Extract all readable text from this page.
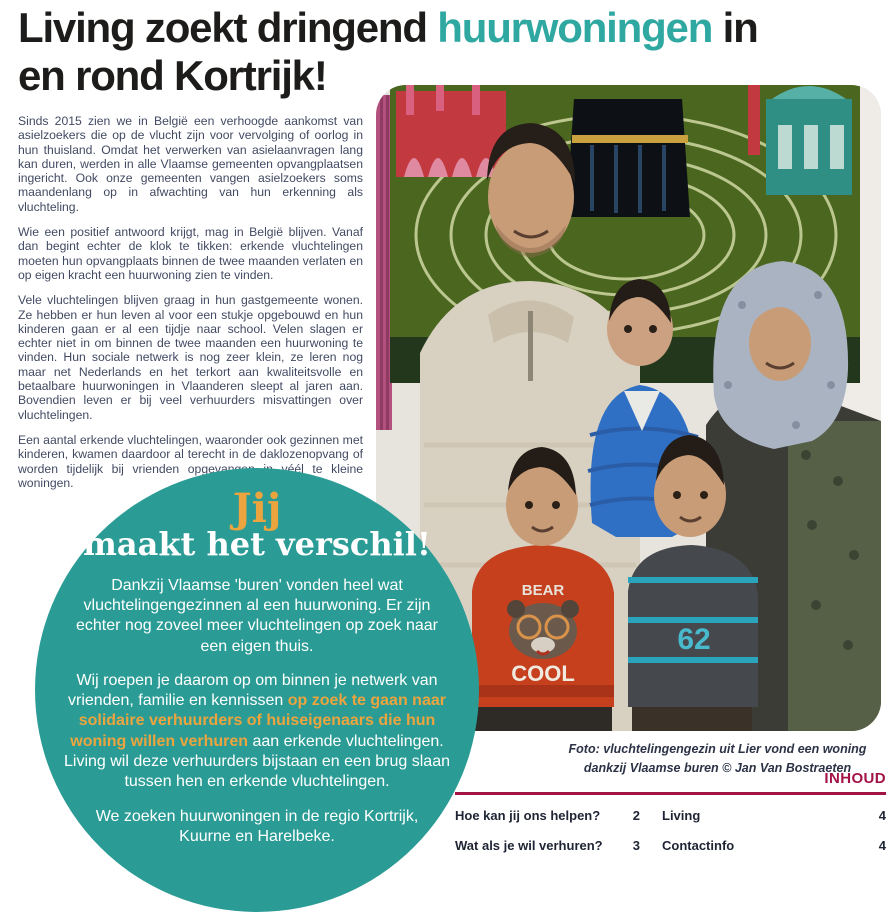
Living zoekt dringend huurwoningen in
en rond Kortrijk!

Sinds 2015 zien we in België een verhoogde aankomst van asielzoekers die op de vlucht zijn voor vervolging of oorlog in hun thuisland. Omdat het verwerken van asielaanvragen lang kan duren, werden in alle Vlaamse gemeenten opvangplaatsen ingericht. Ook onze gemeenten vangen asielzoekers soms maandenlang op in afwachting van hun erkenning als vluchteling.

Wie een positief antwoord krijgt, mag in België blijven. Vanaf dan begint echter de klok te tikken: erkende vluchtelingen moeten hun opvangplaats binnen de twee maanden verlaten en op eigen kracht een huurwoning zien te vinden.

Vele vluchtelingen blijven graag in hun gastgemeente wonen. Ze hebben er hun leven al voor een stukje opgebouwd en hun kinderen gaan er al een tijdje naar school. Velen slagen er echter niet in om binnen de twee maanden een huurwoning te vinden. Hun sociale netwerk is nog zeer klein, ze leren nog maar net Nederlands en het terkort aan kwaliteitsvolle en betaalbare huurwoningen in Vlaanderen sleept al jaren aan. Bovendien leven er bij veel verhuurders misvattingen over vluchtelingen.

Een aantal erkende vluchtelingen, waaronder ook gezinnen met kinderen, kwamen daardoor al terecht in de daklozenopvang of worden tijdelijk bij vrienden opgevangen in véél te kleine woningen.

BEAR
COOL
62
Jij
maakt het verschil!

Dankzij Vlaamse 'buren' vonden heel wat vluchtelingengezinnen al een huurwoning. Er zijn echter nog zoveel meer vluchtelingen op zoek naar een eigen thuis.

Wij roepen je daarom op om binnen je netwerk van vrienden, familie en kennissen op zoek te gaan naar solidaire verhuurders of huiseigenaars die hun woning willen verhuren aan erkende vluchtelingen. Living wil deze verhuurders bijstaan en een brug slaan tussen hen en erkende vluchtelingen.

We zoeken huurwoningen in de regio Kortrijk, Kuurne en Harelbeke.

Foto: vluchtelingengezin uit Lier vond een woning
dankzij Vlaamse buren © Jan Van Bostraeten
INHOUD
Hoe kan jij ons helpen?	2 Living	4
Wat als je wil verhuren? 3 Contactinfo	4
